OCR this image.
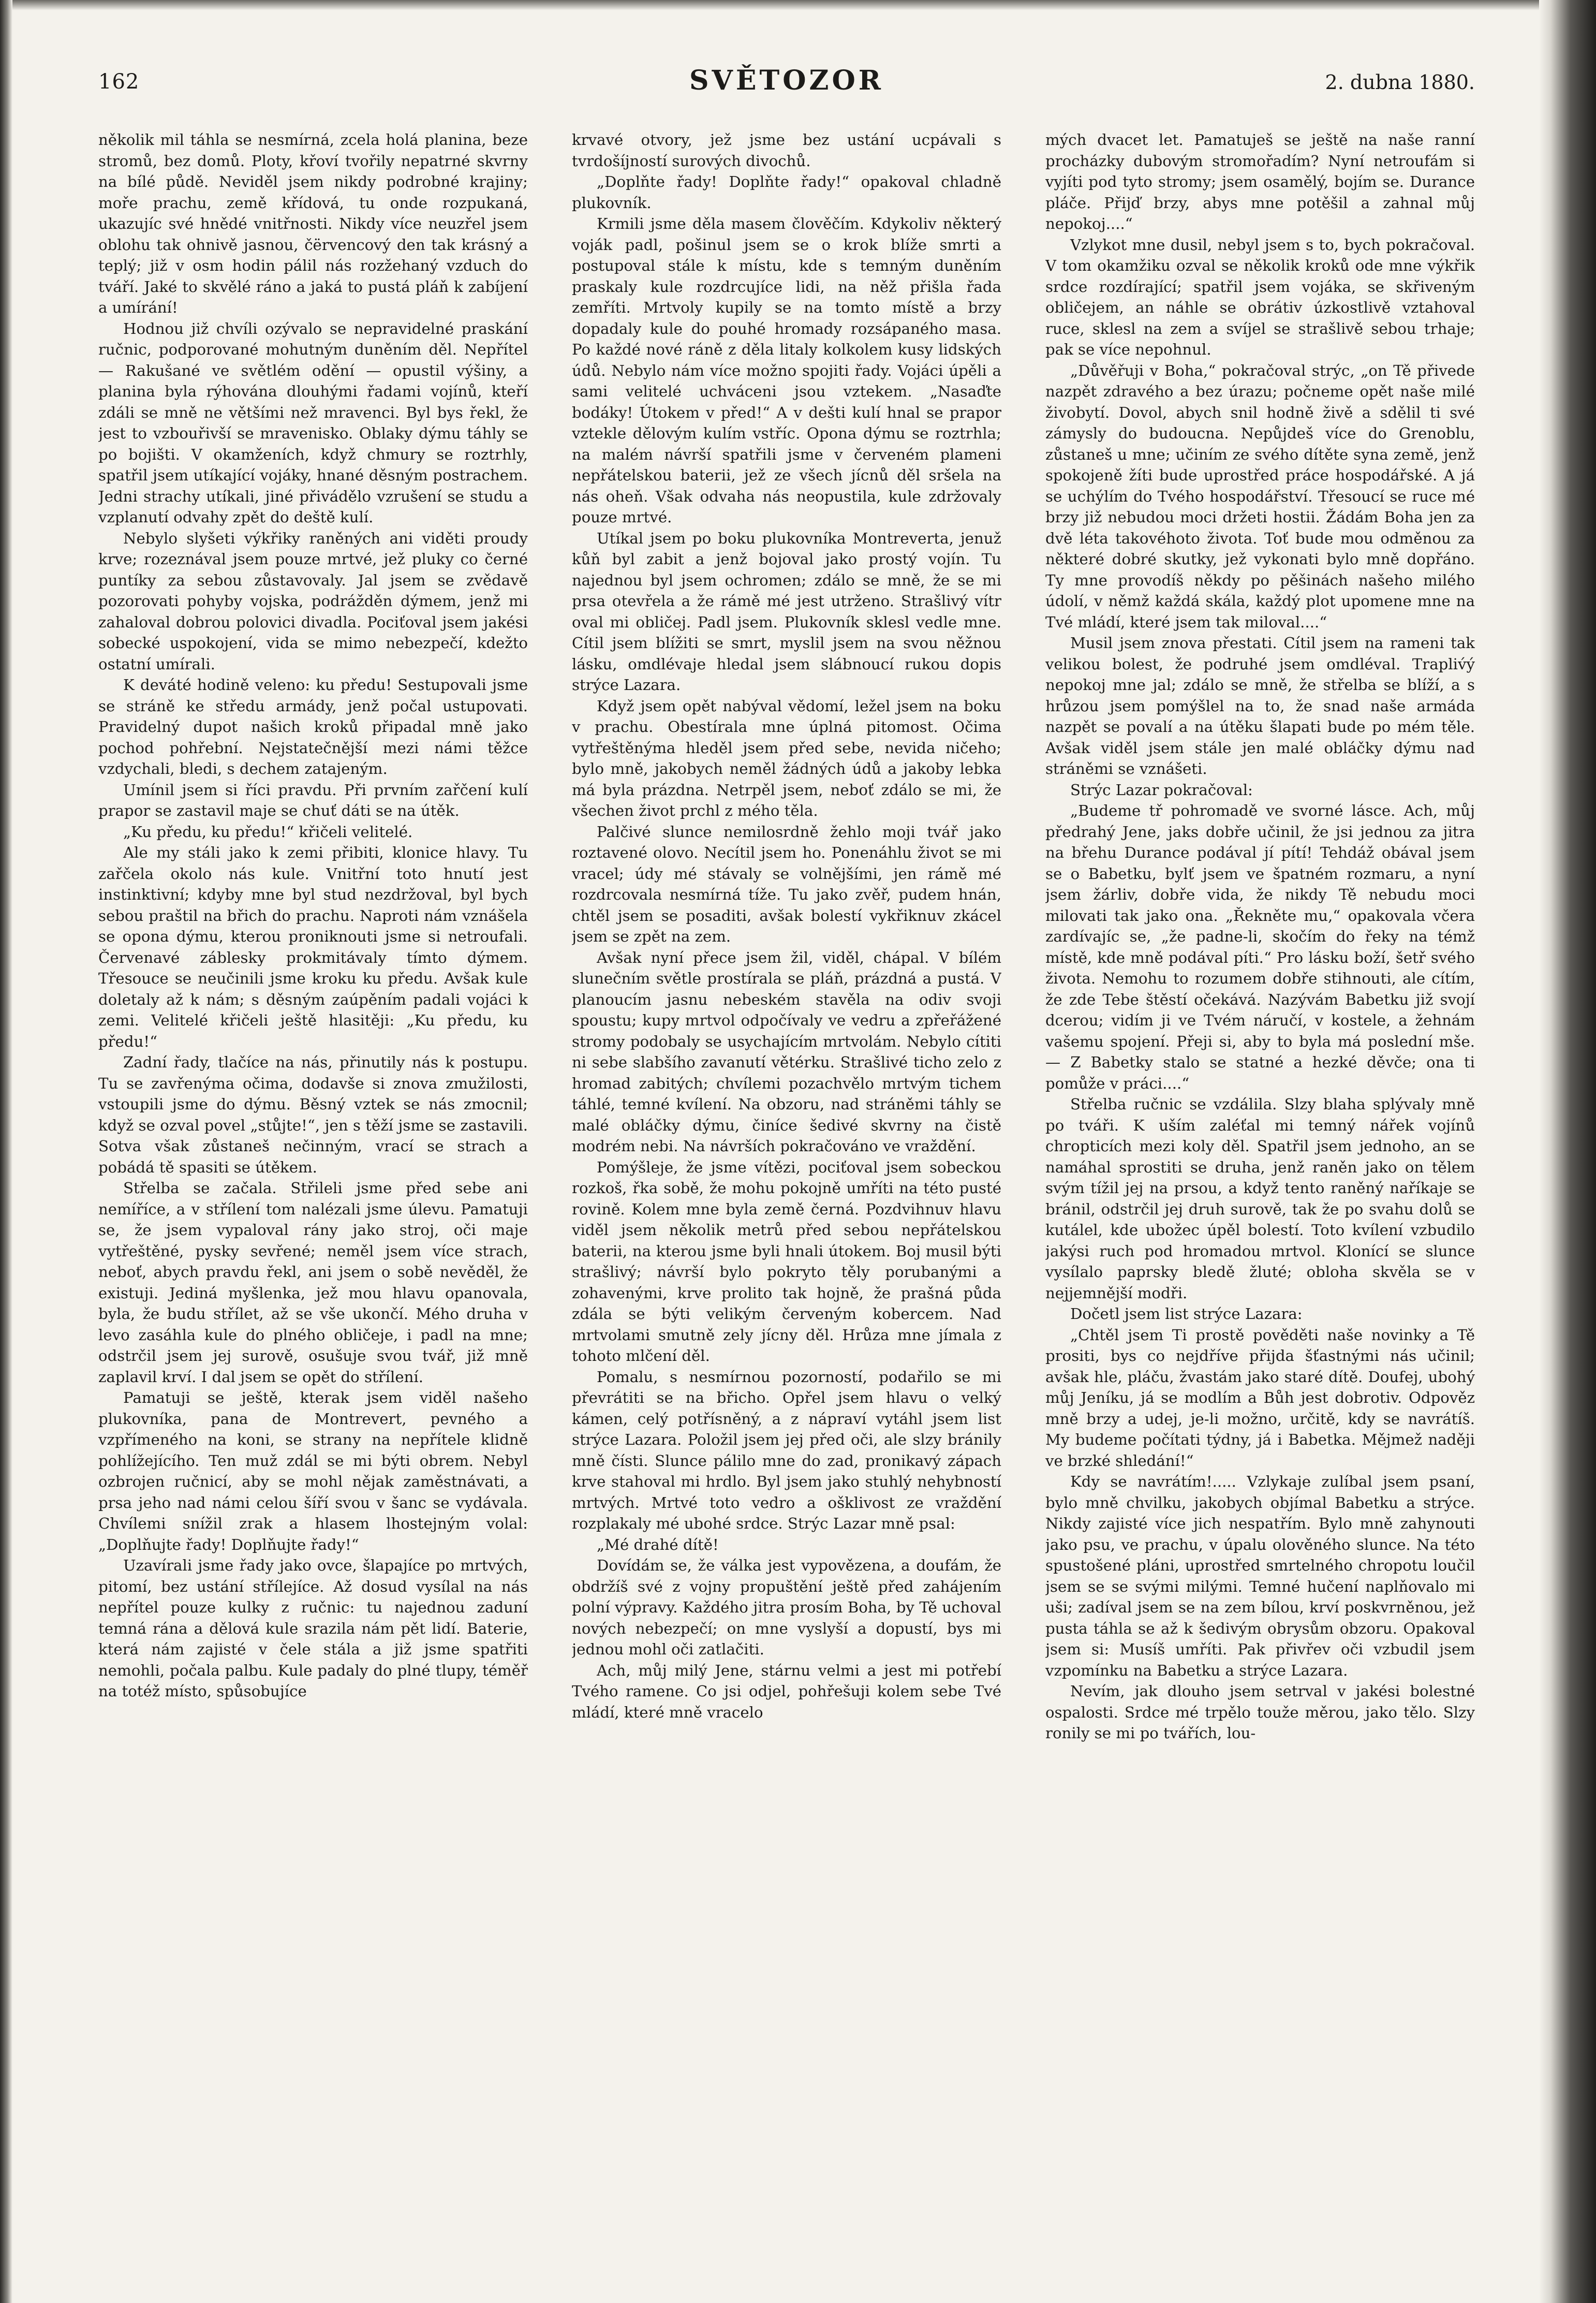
162	SVĚTOZOR	2. dubna 1880.

několik mil táhla se nesmírná, zcela holá planina, beze stromů, bez domů. Ploty, křoví tvořily nepatrné skvrny na bílé půdě. Neviděl jsem nikdy podrobné krajiny; moře prachu, země křídová, tu onde rozpukaná, ukazujíc své hnědé vnitřnosti. Nikdy více neuzřel jsem oblohu tak ohnivě jasnou, čërvencový den tak krásný a teplý; již v osm hodin pálil nás rozžehaný vzduch do tváří. Jaké to skvělé ráno a jaká to pustá pláň k zabíjení a umírání!

Hodnou již chvíli ozývalo se nepravidelné praskání ručnic, podporované mohutným duněním děl. Nepřítel — Rakušané ve světlém odění — opustil výšiny, a planina byla rýhována dlouhými řadami vojínů, kteří zdáli se mně ne většími než mravenci. Byl bys řekl, že jest to vzbouřivší se mravenisko. Oblaky dýmu táhly se po bojišti. V okamženích, když chmury se roztrhly, spatřil jsem utíkající vojáky, hnané děsným postrachem. Jedni strachy utíkali, jiné přivádělo vzrušení se studu a vzplanutí odvahy zpět do deště kulí.

Nebylo slyšeti výkřiky raněných ani viděti proudy krve; rozeznával jsem pouze mrtvé, jež pluky co černé puntíky za sebou zůstavovaly. Jal jsem se zvědavě pozorovati pohyby vojska, podrážděn dýmem, jenž mi zahaloval dobrou polovici divadla. Pociťoval jsem jakési sobecké uspokojení, vida se mimo nebezpečí, kdežto ostatní umírali.

K deváté hodině veleno: ku předu! Sestupovali jsme se stráně ke středu armády, jenž počal ustupovati. Pravidelný dupot našich kroků připadal mně jako pochod pohřební. Nejstatečnější mezi námi těžce vzdychali, bledi, s dechem zatajeným.

Umínil jsem si říci pravdu. Při prvním zařčení kulí prapor se zastavil maje se chuť dáti se na útěk.

„Ku předu, ku předu!“ křičeli velitelé.

Ale my stáli jako k zemi přibiti, klonice hlavy. Tu zařčela okolo nás kule. Vnitřní toto hnutí jest instinktivní; kdyby mne byl stud nezdržoval, byl bych sebou praštil na břich do prachu. Naproti nám vznášela se opona dýmu, kterou proniknouti jsme si netroufali. Červenavé záblesky prokmitávaly tímto dýmem. Třesouce se neučinili jsme kroku ku předu. Avšak kule doletaly až k nám; s děsným zaúpěním padali vojáci k zemi. Velitelé křičeli ještě hlasitěji: „Ku předu, ku předu!“

Zadní řady, tlačíce na nás, přinutily nás k postupu. Tu se zavřenýma očima, dodavše si znova zmužilosti, vstoupili jsme do dýmu. Běsný vztek se nás zmocnil; když se ozval povel „stůjte!“, jen s těží jsme se zastavili. Sotva však zůstaneš nečinným, vrací se strach a pobádá tě spasiti se útěkem.

Střelba se začala. Střileli jsme před sebe ani nemíříce, a v střílení tom nalézali jsme úlevu. Pamatuji se, že jsem vypaloval rány jako stroj, oči maje vytřeštěné, pysky sevřené; neměl jsem více strach, neboť, abych pravdu řekl, ani jsem o sobě nevěděl, že existuji. Jediná myšlenka, jež mou hlavu opanovala, byla, že budu střílet, až se vše ukončí. Mého druha v levo zasáhla kule do plného obličeje, i padl na mne; odstrčil jsem jej surově, osušuje svou tvář, již mně zaplavil krví. I dal jsem se opět do střílení.

Pamatuji se ještě, kterak jsem viděl našeho plukovníka, pana de Montrevert, pevného a vzpřímeného na koni, se stranу na nepřítele klidně pohlížejícího. Ten muž zdál se mi býti obrem. Nebyl ozbrojen ručnicí, aby se mohl nějak zaměstnávati, a prsa jeho nad námi celou šíří svou v šanc se vydávala. Chvílemi snížil zrak a hlasem lhostejným volal: „Doplňujte řady! Doplňujte řady!“

Uzavírali jsme řady jako ovce, šlapajíce po mrtvých, pitomí, bez ustání střílejíce. Až dosud vysílal na nás nepřítel pouze kulky z ručnic: tu najednou zaduní temná rána a dělová kule srazila nám pět lidí. Baterie, která nám zajisté v čele stála a již jsme spatřiti nemohli, počala palbu. Kule padaly do plné tlupy, téměř na totéž místo, spůsobujíce

krvavé otvory, jež jsme bez ustání ucpávali s tvrdošíjností surových divochů.

„Doplňte řady! Doplňte řady!“ opakoval chladně plukovník.

Krmili jsme děla masem člověčím. Kdykoliv některý voják padl, pošinul jsem se o krok blíže smrti a postupoval stále k místu, kde s temným duněním praskaly kule rozdrcujíce lidi, na něž přišla řada zemříti. Mrtvoly kupily se na tomto místě a brzy dopadaly kule do pouhé hromady rozsápaného masa. Po každé nové ráně z děla litaly kolkolem kusy lidských údů. Nebylo nám více možno spojiti řady. Vojáci úpěli a sami velitelé uchváceni jsou vztekem. „Nasaďte bodáky! Útokem v před!“ A v dešti kulí hnal se prapor vztekle dělovým kulím vstříc. Opona dýmu se roztrhla; na malém návrší spatřili jsme v červeném plameni nepřátelskou baterii, jež ze všech jícnů děl sršela na nás oheň. Však odvaha nás neopustila, kule zdržovaly pouze mrtvé.

Utíkal jsem po boku plukovníka Montreverta, jenuž kůň byl zabit a jenž bojoval jako prostý vojín. Tu najednou byl jsem ochromen; zdálo se mně, že se mi prsa otevřela a že rámě mé jest utrženo. Strašlivý vítr oval mi obličej. Padl jsem. Plukovník sklesl vedle mne. Cítil jsem blížiti se smrt, myslil jsem na svou něžnou lásku, omdlévaje hledal jsem slábnoucí rukou dopis strýce Lazara.

Když jsem opět nabýval vědomí, ležel jsem na boku v prachu. Obestírala mne úplná pitomost. Očima vytřeštěnýma hleděl jsem před sebe, nevida ničeho; bylo mně, jakobych neměl žádných údů a jakoby lebka má byla prázdna. Netrpěl jsem, neboť zdálo se mi, že všechen život prchl z mého těla.

Palčivé slunce nemilosrdně žehlo moji tvář jako roztavené olovo. Necítil jsem ho. Ponenáhlu život se mi vracel; údy mé stávaly se volnějšími, jen rámě mé rozdrcovala nesmírná tíže. Tu jako zvěř, pudem hnán, chtěl jsem se posaditi, avšak bolestí vykřiknuv zkácel jsem se zpět na zem.

Avšak nyní přece jsem žil, viděl, chápal. V bílém slunečním světle prostírala se pláň, prázdná a pustá. V planoucím jasnu nebeském stavěla na odiv svoji spoustu; kupy mrtvol odpočívaly ve vedru a zpřeřážené stromy podobaly se usychajícím mrtvolám. Nebylo cítiti ni sebe slabšího zavanutí větérku. Strašlivé ticho zelo z hromad zabitých; chvílemi pozachvělo mrtvým tichem táhlé, temné kvílení. Na obzoru, nad stráněmi táhly se malé obláčky dýmu, činíce šedivé skvrny na čistě modrém nebi. Na návrších pokračováno ve vraždění.

Pomýšleje, že jsme vítězi, pociťoval jsem sobeckou rozkoš, řka sobě, že mohu pokojně umříti na této pusté rovině. Kolem mne byla země černá. Pozdvihnuv hlavu viděl jsem několik metrů před sebou nepřátelskou baterii, na kterou jsme byli hnali útokem. Boj musil býti strašlivý; návrší bylo pokryto těly porubanými a zohavenými, krve prolito tak hojně, že prašná půda zdála se býti velikým červeným kobercem. Nad mrtvolami smutně zely jícny děl. Hrůza mne jímala z tohoto mlčení děl.

Pomalu, s nesmírnou pozorností, podařilo se mi převrátiti se na břicho. Opřel jsem hlavu o velký kámen, celý potřísněný, a z nápraví vytáhl jsem list strýce Lazara. Položil jsem jej před oči, ale slzy bránily mně čísti. Slunce pálilo mne do zad, pronikavý zápach krve stahoval mi hrdlo. Byl jsem jako stuhlý nehybností mrtvých. Mrtvé toto vedro a ošklivost ze vraždění rozplakaly mé ubohé srdce. Strýc Lazar mně psal:

„Mé drahé dítě!

Dovídám se, že válka jest vypovězena, a doufám, že obdržíš své z vojny propuštění ještě před zahájením polní výpravy. Každého jitra prosím Boha, by Tě uchoval nových nebezpečí; on mne vyslyší a dopustí, bys mi jednou mohl oči zatlačiti.

Ach, můj milý Jene, stárnu velmi a jest mi potřebí Tvého ramene. Co jsi odjel, pohřešuji kolem sebe Tvé mládí, které mně vracelo

mých dvacet let. Pamatuješ se ještě na naše ranní procházky dubovým stromořadím? Nyní netroufám si vyjíti pod tyto stromy; jsem osamělý, bojím se. Durance pláče. Přijď brzy, abys mne potěšil a zahnal můj nepokoj....“

Vzlykot mne dusil, nebyl jsem s to, bych pokračoval. V tom okamžiku ozval se několik kroků ode mne výkřik srdce rozdírající; spatřil jsem vojáka, se skřiveným obličejem, an náhle se obrátiv úzkostlivě vztahoval ruce, sklesl na zem a svíjel se strašlivě sebou trhaje; pak se více nepohnul.

„Důvěřuji v Boha,“ pokračoval strýc, „on Tě přivede nazpět zdravého a bez úrazu; počneme opět naše milé živobytí. Dovol, abych snil hodně živě a sdělil ti své zámysly do budoucna. Nepůjdeš více do Grenoblu, zůstaneš u mne; učiním ze svého dítěte syna země, jenž spokojeně žíti bude uprostřed práce hospodářské. A já se uchýlím do Tvého hospodářství. Třesoucí se ruce mé brzy již nebudou moci držeti hostii. Žádám Boha jen za dvě léta takovéhoto života. Toť bude mou odměnou za některé dobré skutky, jež vykonati bylo mně dopřáno. Ty mne provodíš někdy po pěšinách našeho milého údolí, v němž každá skála, každý plot upomene mne na Tvé mládí, které jsem tak miloval....“

Musil jsem znova přestati. Cítil jsem na rameni tak velikou bolest, že podruhé jsem omdléval. Trapliv́ý nepokoj mne jal; zdálo se mně, že střelba se blíží, a s hrůzou jsem pomýšlel na to, že snad naše armáda nazpět se povalí a na útěku šlapati bude po mém těle. Avšak viděl jsem stále jen malé obláčky dýmu nad stráněmi se vznášeti.

Strýc Lazar pokračoval:

„Budeme tř pohromadě ve svorné lásce. Ach, můj předrahý Jene, jaks dobře učinil, že jsi jednou za jitra na břehu Durance podával jí pítí! Tehdáž obával jsem se o Babetku, bylť jsem ve špatném rozmaru, a nyní jsem žárliv, dobře vida, že nikdy Tě nebudu moci milovati tak jako ona. „Řekněte mu,“ opakovala včera zardívajíc se, „že padne-li, skočím do řeky na témž místě, kde mně podával píti.“ Pro lásku boží, šetř svého života. Nemohu to rozumem dobře stihnouti, ale cítím, že zde Tebe štěstí očekává. Nazývám Babetku již svojí dcerou; vidím ji ve Tvém náručí, v kostele, a žehnám vašemu spojení. Přeji si, aby to byla má poslední mše. — Z Babetky stalo se statné a hezké děvče; ona ti pomůže v práci....“

Střelba ručnic se vzdálila. Slzy blaha splývaly mně po tváři. K uším zaléťal mi temný nářek vojínů chropticích mezi koly děl. Spatřil jsem jednoho, an se namáhal sprostiti se druha, jenž raněn jako on tělem svým tížil jej na prsou, a když tento raněný naříkaje se bránil, odstrčil jej druh surově, tak že po svahu dolů se kutálel, kde ubožec úpěl bolestí. Toto kvílení vzbudilo jakýsi ruch pod hromadou mrtvol. Klonící se slunce vysílalo paprsky bledě žluté; obloha skvěla se v nejjemnější modři.

Dočetl jsem list strýce Lazara:

„Chtěl jsem Ti prostě pověděti naše novinky a Tě prositi, bys co nejdříve přijda šťastnými nás učinil; avšak hle, pláču, žvastám jako staré dítě. Doufej, ubohý můj Jeníku, já se modlím a Bůh jest dobrotiv. Odpověz mně brzy a udej, je-li možno, určitě, kdy se navrátíš. My budeme počítati týdny, já i Babetka. Mějmež naději ve brzké shledání!“

Kdy se navrátím!..... Vzlykaje zulíbal jsem psaní, bylo mně chvilku, jakobych objímal Babetku a strýce. Nikdy zajisté více jich nespatřím. Bylo mně zahynouti jako psu, ve prachu, v úpalu olověného slunce. Na této spustošené pláni, uprostřed smrtelného chropotu loučil jsem se se svými milými. Temné hučení naplňovalo mi uši; zadíval jsem se na zem bílou, krví poskvrněnou, jež pusta táhla se až k šedivým obrysům obzoru. Opakoval jsem si: Musíš umříti. Pak přivřev oči vzbudil jsem vzpomínku na Babetku a strýce Lazara.

Nevím, jak dlouho jsem setrval v jakési bolestné ospalosti. Srdce mé trpělo touže měrou, jako tělo. Slzy ronily se mi po tvářích, lou-
